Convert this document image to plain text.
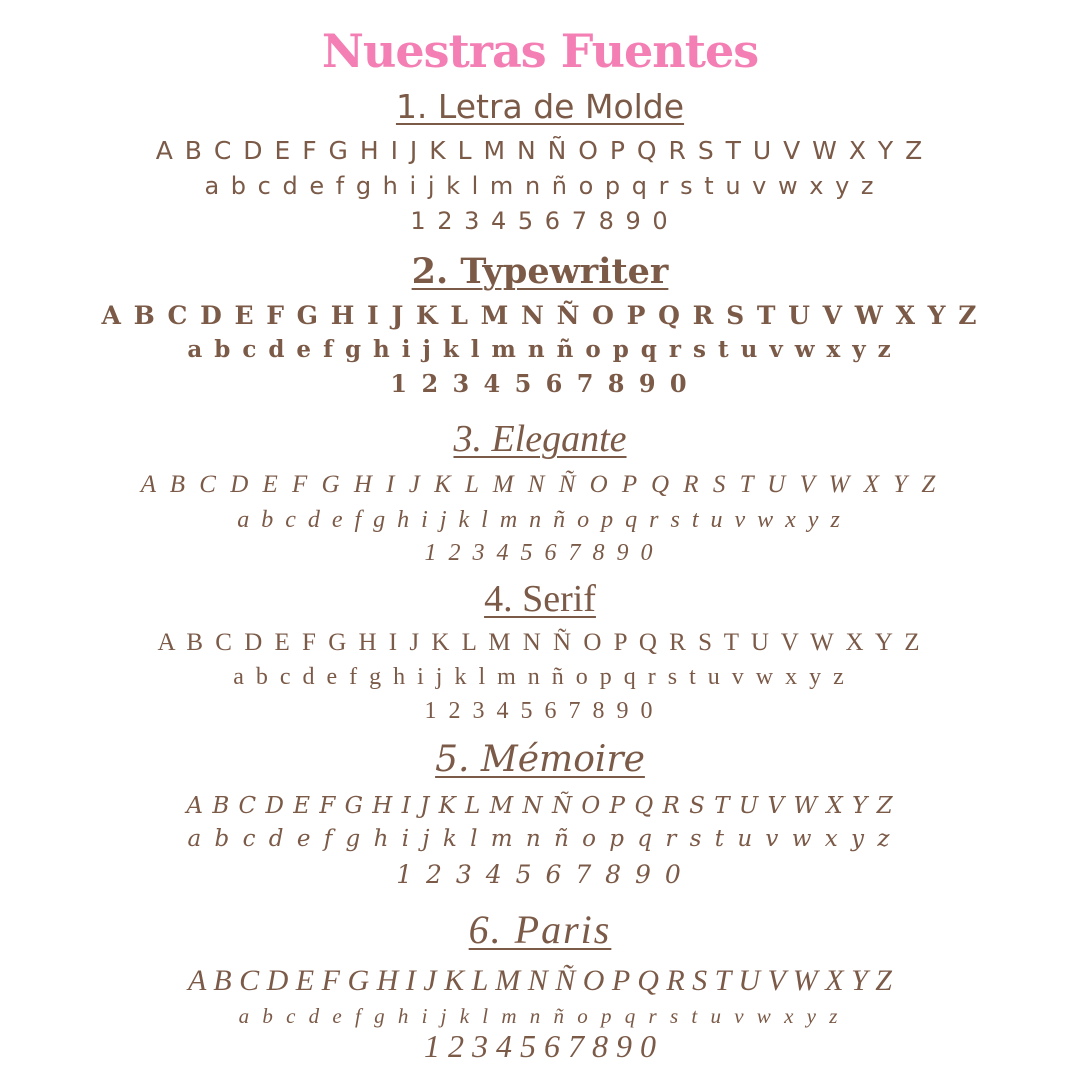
Nuestras Fuentes
1. Letra de Molde
A B C D E F G H I J K L M N Ñ O P Q R S T U V W X Y Z
a b c d e f g h i j k l m n ñ o p q r s t u v w x y z
1 2 3 4 5 6 7 8 9 0
2. Typewriter
A B C D E F G H I J K L M N Ñ O P Q R S T U V W X Y Z
a b c d e f g h i j k l m n ñ o p q r s t u v w x y z
1 2 3 4 5 6 7 8 9 0
3. Elegante
A B C D E F G H I J K L M N Ñ O P Q R S T U V W X Y Z
a b c d e f g h i j k l m n ñ o p q r s t u v w x y z
1 2 3 4 5 6 7 8 9 0
4. Serif
A B C D E F G H I J K L M N Ñ O P Q R S T U V W X Y Z
a b c d e f g h i j k l m n ñ o p q r s t u v w x y z
1 2 3 4 5 6 7 8 9 0
5. Mémoire
A B C D E F G H I J K L M N Ñ O P Q R S T U V W X Y Z
a b c d e f g h i j k l m n ñ o p q r s t u v w x y z
1 2 3 4 5 6 7 8 9 0
6. Paris
A B C D E F G H I J K L M N Ñ O P Q R S T U V W X Y Z
a b c d e f g h i j k l m n ñ o p q r s t u v w x y z
1 2 3 4 5 6 7 8 9 0
